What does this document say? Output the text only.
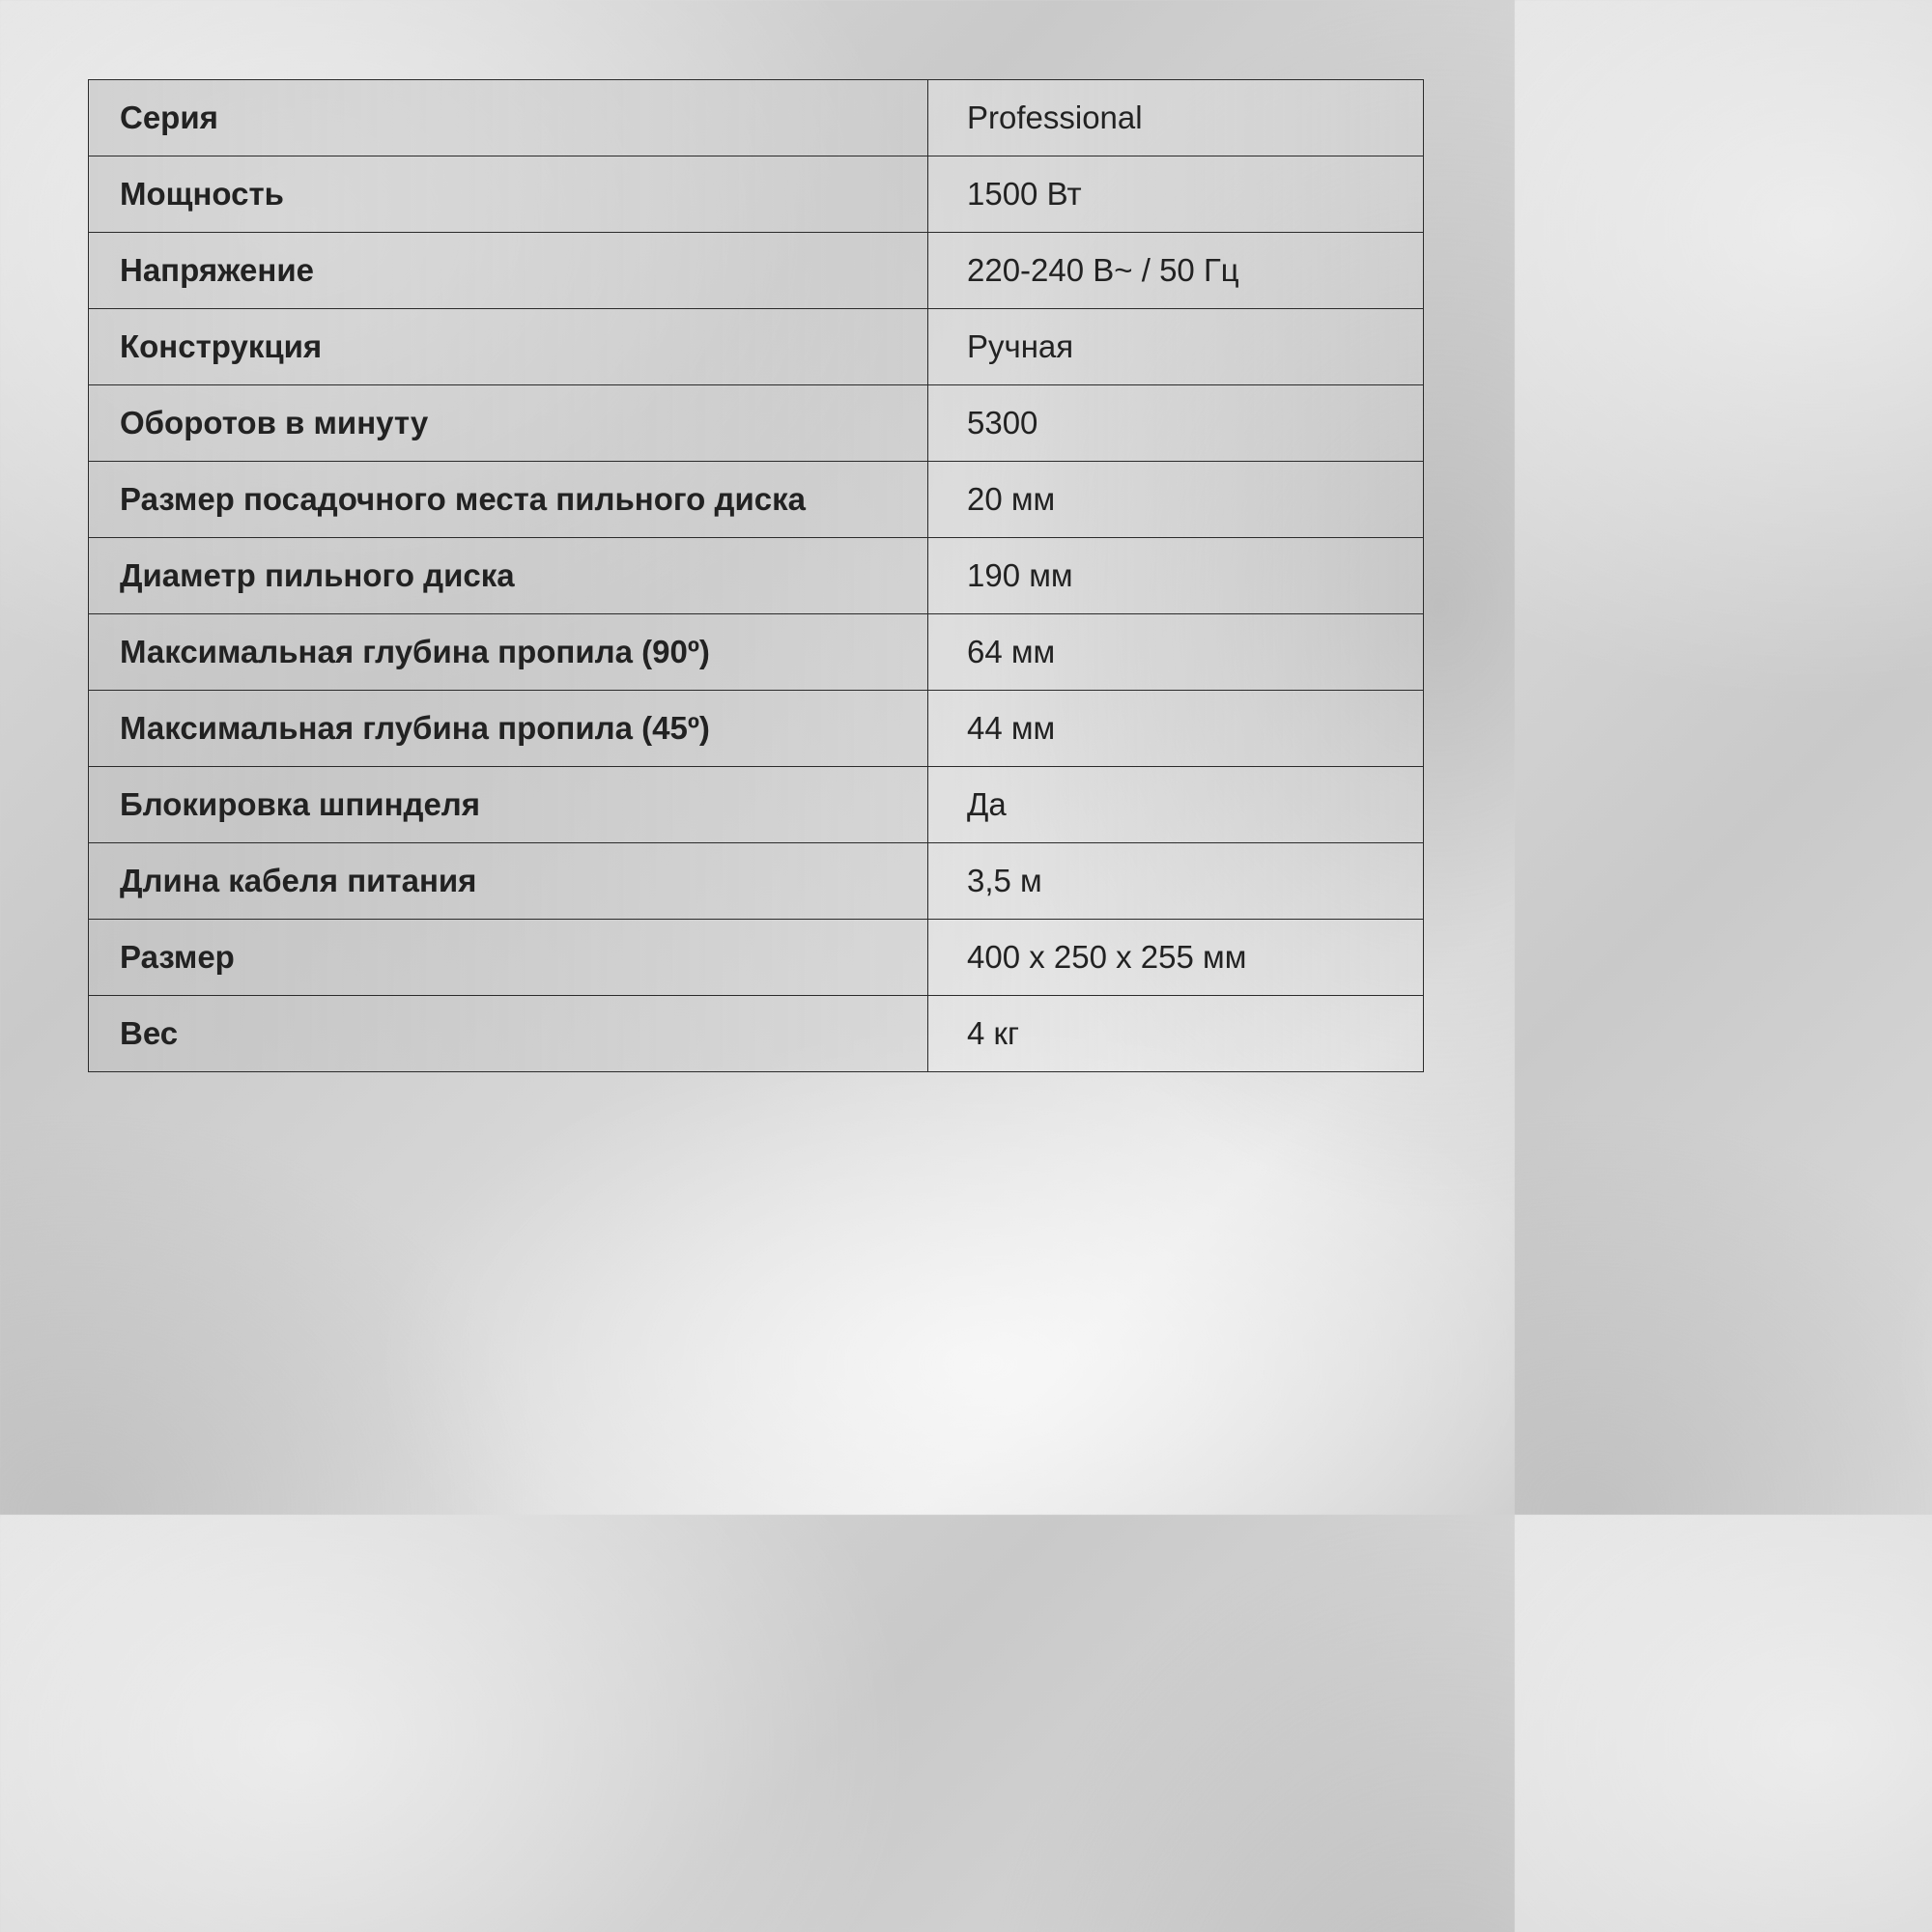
Серия	Professional
Мощность	1500 Вт
Напряжение	220-240 В~ / 50 Гц
Конструкция	Ручная
Оборотов в минуту	5300
Размер посадочного места пильного диска	20 мм
Диаметр пильного диска	190 мм
Максимальная глубина пропила (90º)	64 мм
Максимальная глубина пропила (45º)	44 мм
Блокировка шпинделя	Да
Длина кабеля питания	3,5 м
Размер	400 х 250 х 255 мм
Вес	4 кг
